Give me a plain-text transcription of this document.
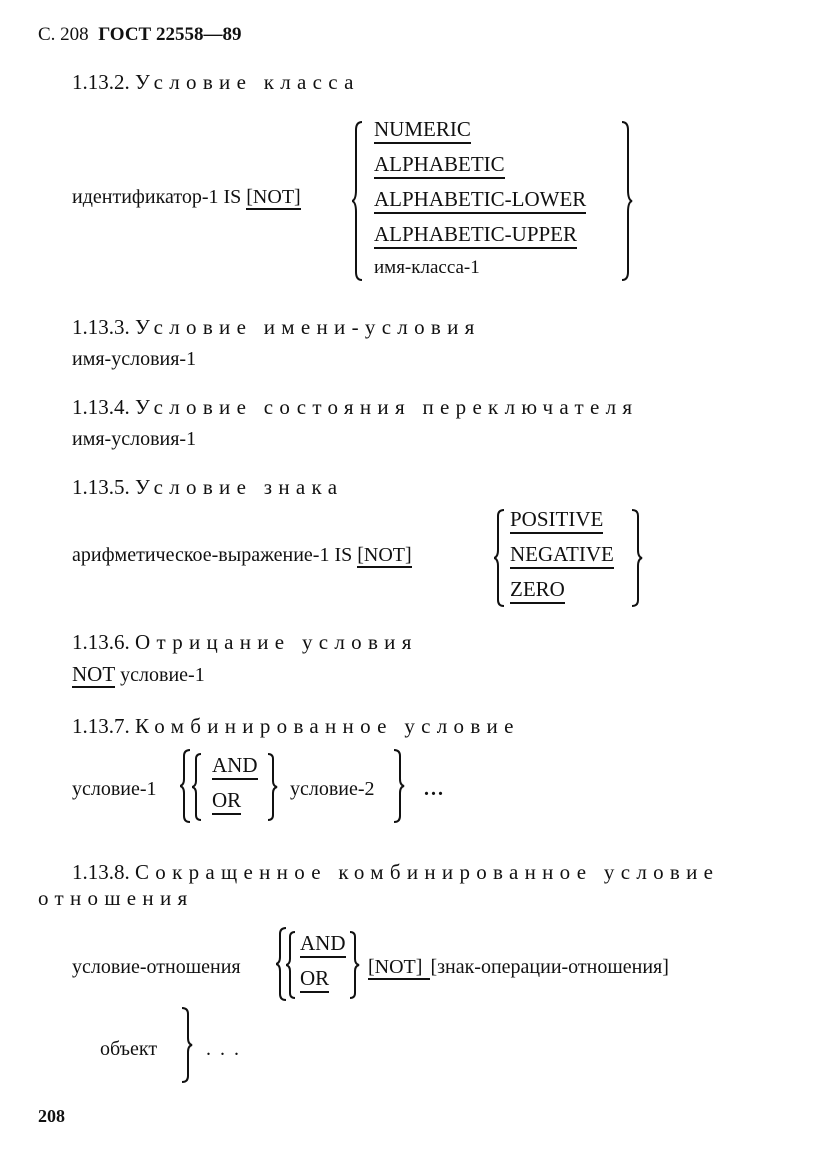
С. 208 ГОСТ 22558—89
1.13.2. Условие класса
идентификатор-1 IS [NOT]
NUMERIC
ALPHABETIC
ALPHABETIC-LOWER
ALPHABETIC-UPPER
имя-класса-1
1.13.3. Условие имени-условия
имя-условия-1
1.13.4. Условие состояния переключателя
имя-условия-1
1.13.5. Условие знака
арифметическое-выражение-1 IS [NOT]
POSITIVE
NEGATIVE
ZERO
1.13.6. Отрицание условия
NOT условие-1
1.13.7. Комбинированное условие
условие-1
AND
OR	условие-2 ...
1.13.8. Сокращенное комбинированное условие
отношения
условие-отношения
AND
OR	[NOT] [знак-операции-отношения]
объект . . .
208
